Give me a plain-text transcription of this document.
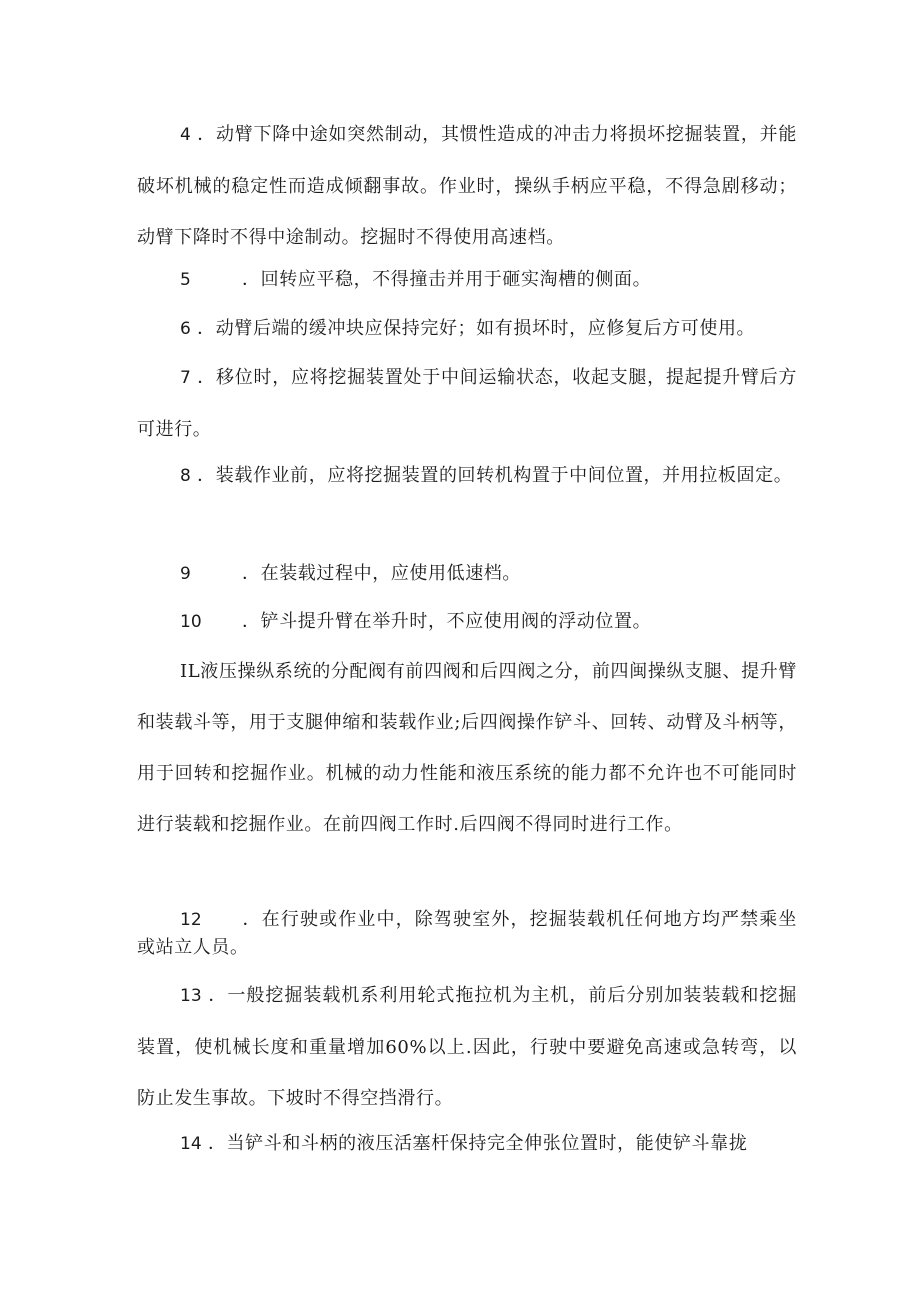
4 ．动臂下降中途如突然制动，其惯性造成的冲击力将损坏挖掘装置，并能破坏机械的稳定性而造成倾翻事故。作业时，操纵手柄应平稳，不得急剧移动；动臂下降时不得中途制动。挖掘时不得使用高速档。

5	．回转应平稳，不得撞击并用于砸实淘槽的侧面。

6 ．动臂后端的缓冲块应保持完好；如有损坏时，应修复后方可使用。

7 ．移位时，应将挖掘装置处于中间运输状态，收起支腿，提起提升臂后方可进行。

8 ．装载作业前，应将挖掘装置的回转机构置于中间位置，并用拉板固定。

9	．在装载过程中，应使用低速档。

10 ．铲斗提升臂在举升时，不应使用阀的浮动位置。

IL液压操纵系统的分配阀有前四阀和后四阀之分，前四闽操纵支腿、提升臂和装载斗等，用于支腿伸缩和装载作业;后四阀操作铲斗、回转、动臂及斗柄等，用于回转和挖掘作业。机械的动力性能和液压系统的能力都不允许也不可能同时进行装载和挖掘作业。在前四阀工作时.后四阀不得同时进行工作。

12 ．在行驶或作业中，除驾驶室外，挖掘装载机任何地方均严禁乘坐或站立人员。

13 ．一般挖掘装载机系利用轮式拖拉机为主机，前后分别加装装载和挖掘装置，使机械长度和重量增加60%以上.因此，行驶中要避免高速或急转弯，以防止发生事故。下坡时不得空挡滑行。

14 ．当铲斗和斗柄的液压活塞杆保持完全伸张位置时，能使铲斗靠拢
